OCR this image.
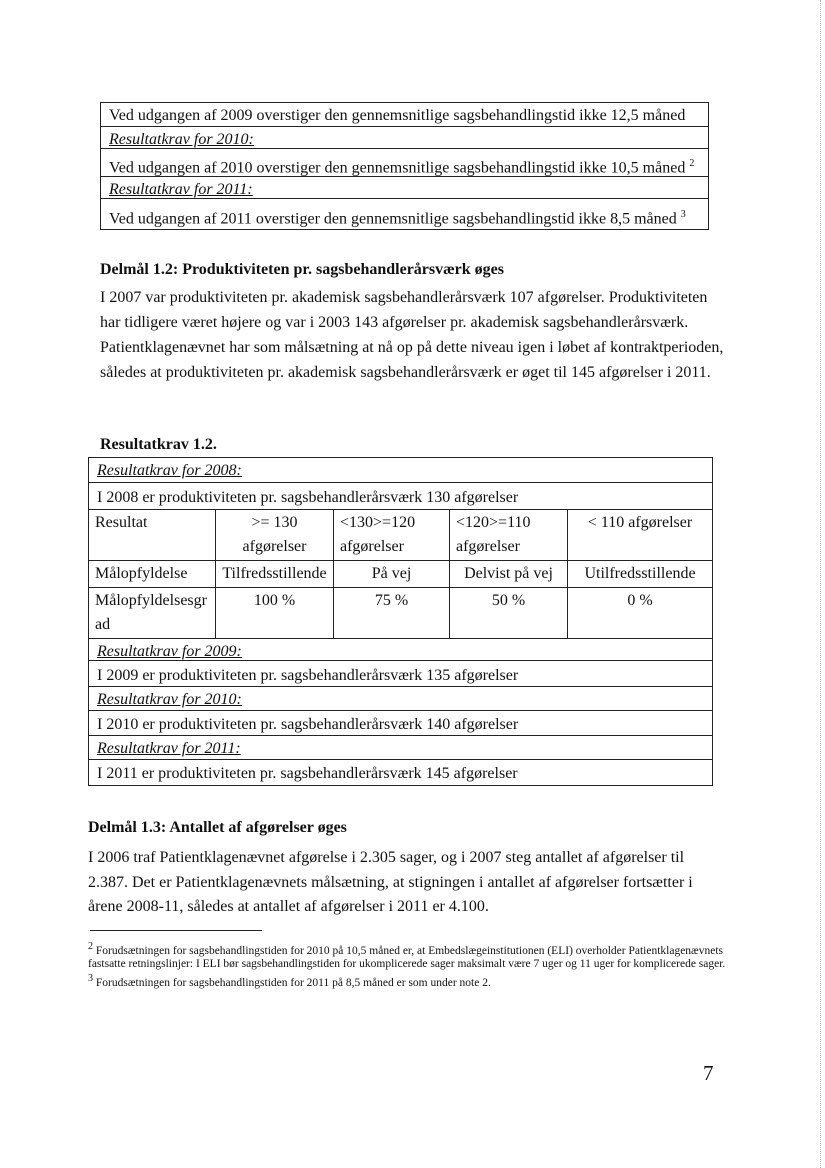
Ved udgangen af 2009 overstiger den gennemsnitlige sagsbehandlingstid ikke 12,5 måned
Resultatkrav for 2010:
Ved udgangen af 2010 overstiger den gennemsnitlige sagsbehandlingstid ikke 10,5 måned $^2$
Resultatkrav for 2011:
Ved udgangen af 2011 overstiger den gennemsnitlige sagsbehandlingstid ikke 8,5 måned $^3$
Delmål 1.2: Produktiviteten pr. sagsbehandlerårsværk øges

I 2007 var produktiviteten pr. akademisk sagsbehandlerårsværk 107 afgørelser. Produktiviteten har tidligere været højere og var i 2003 143 afgørelser pr. akademisk sagsbehandlerårsværk.

Patientklagenævnet har som målsætning at nå op på dette niveau igen i løbet af kontraktperioden, således at produktiviteten pr. akademisk sagsbehandlerårsværk er øget til 145 afgørelser i 2011.

Resultatkrav 1.2.
Resultatkrav for 2008:
I 2008 er produktiviteten pr. sagsbehandlerårsværk 130 afgørelser
Resultat	>= 130 afgørelser	<130>=120 afgørelser	<120>=110 afgørelser	< 110 afgørelser
Målopfyldelse	Tilfredsstillende	På vej	Delvist på vej	Utilfredsstillende
Målopfyldelsesgrad	100 %	75 %	50 %	0 %
Resultatkrav for 2009:
I 2009 er produktiviteten pr. sagsbehandlerårsværk 135 afgørelser
Resultatkrav for 2010:
I 2010 er produktiviteten pr. sagsbehandlerårsværk 140 afgørelser
Resultatkrav for 2011:
I 2011 er produktiviteten pr. sagsbehandlerårsværk 145 afgørelser
Delmål 1.3: Antallet af afgørelser øges

I 2006 traf Patientklagenævnet afgørelse i 2.305 sager, og i 2007 steg antallet af afgørelser til 2.387. Det er Patientklagenævnets målsætning, at stigningen i antallet af afgørelser fortsætter i årene 2008-11, således at antallet af afgørelser i 2011 er 4.100.

$^2$ Forudsætningen for sagsbehandlingstiden for 2010 på 10,5 måned er, at Embedslægeinstitutionen (ELI) overholder Patientklagenævnets fastsatte retningslinjer: I ELI bør sagsbehandlingstiden for ukomplicerede sager maksimalt være 7 uger og 11 uger for komplicerede sager.
$^3$ Forudsætningen for sagsbehandlingstiden for 2011 på 8,5 måned er som under note 2.
7
